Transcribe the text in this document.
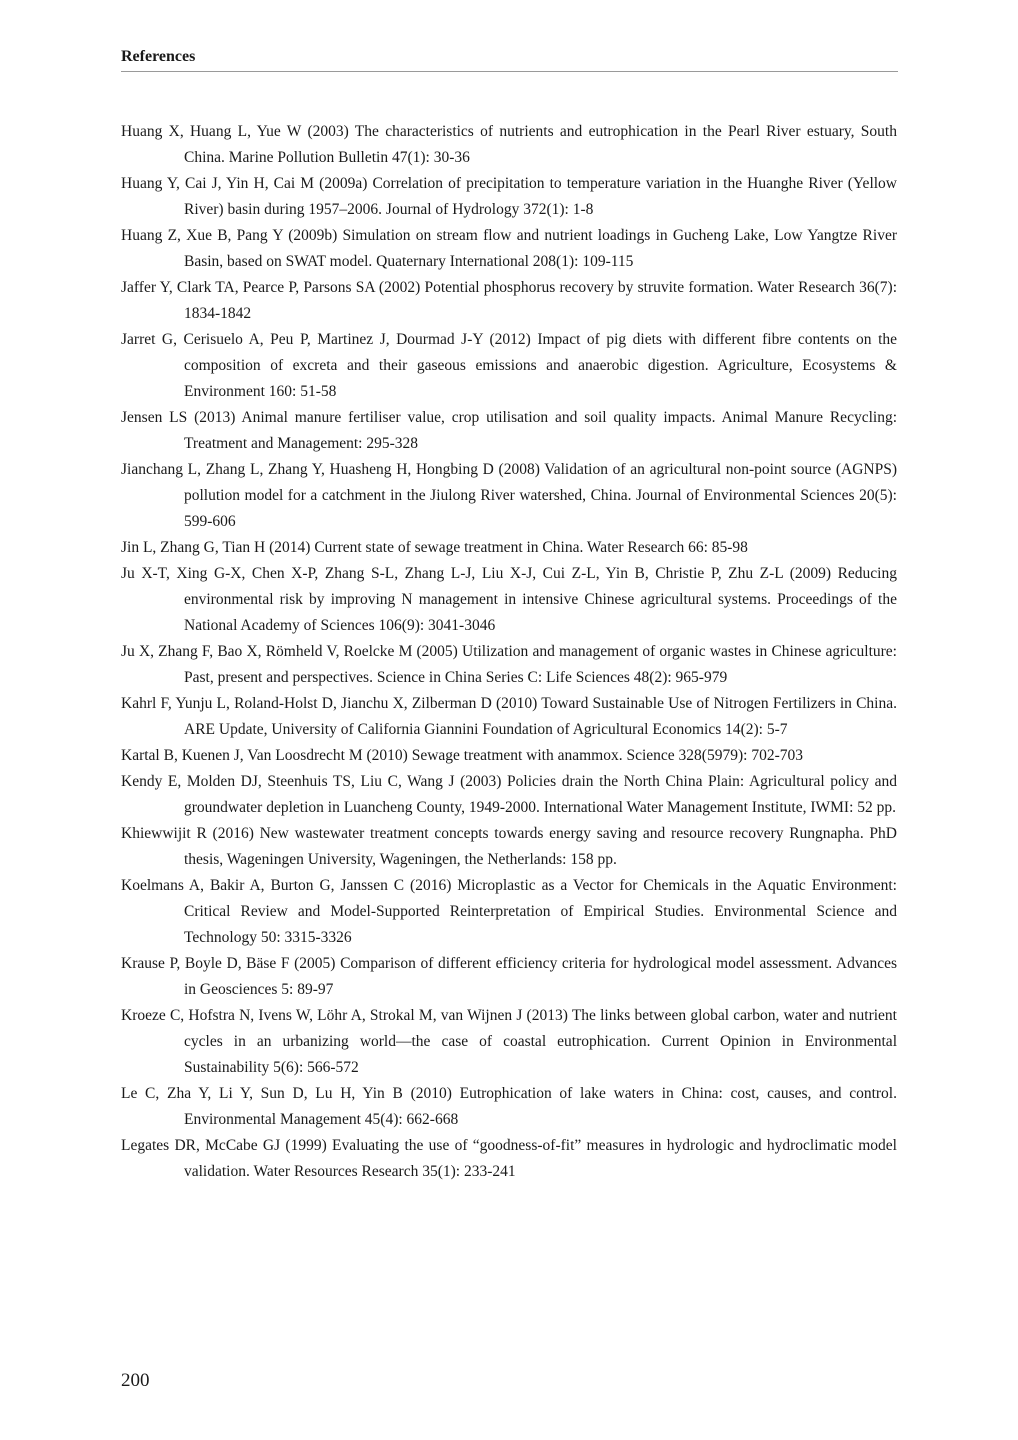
References
Huang X, Huang L, Yue W (2003) The characteristics of nutrients and eutrophication in the Pearl River estuary, South China. Marine Pollution Bulletin 47(1): 30-36
Huang Y, Cai J, Yin H, Cai M (2009a) Correlation of precipitation to temperature variation in the Huanghe River (Yellow River) basin during 1957–2006. Journal of Hydrology 372(1): 1-8
Huang Z, Xue B, Pang Y (2009b) Simulation on stream flow and nutrient loadings in Gucheng Lake, Low Yangtze River Basin, based on SWAT model. Quaternary International 208(1): 109-115
Jaffer Y, Clark TA, Pearce P, Parsons SA (2002) Potential phosphorus recovery by struvite formation. Water Research 36(7): 1834-1842
Jarret G, Cerisuelo A, Peu P, Martinez J, Dourmad J-Y (2012) Impact of pig diets with different fibre contents on the composition of excreta and their gaseous emissions and anaerobic digestion. Agriculture, Ecosystems & Environment 160: 51-58
Jensen LS (2013) Animal manure fertiliser value, crop utilisation and soil quality impacts. Animal Manure Recycling: Treatment and Management: 295-328
Jianchang L, Zhang L, Zhang Y, Huasheng H, Hongbing D (2008) Validation of an agricultural non-point source (AGNPS) pollution model for a catchment in the Jiulong River watershed, China. Journal of Environmental Sciences 20(5): 599-606
Jin L, Zhang G, Tian H (2014) Current state of sewage treatment in China. Water Research 66: 85-98
Ju X-T, Xing G-X, Chen X-P, Zhang S-L, Zhang L-J, Liu X-J, Cui Z-L, Yin B, Christie P, Zhu Z-L (2009) Reducing environmental risk by improving N management in intensive Chinese agricultural systems. Proceedings of the National Academy of Sciences 106(9): 3041-3046
Ju X, Zhang F, Bao X, Römheld V, Roelcke M (2005) Utilization and management of organic wastes in Chinese agriculture: Past, present and perspectives. Science in China Series C: Life Sciences 48(2): 965-979
Kahrl F, Yunju L, Roland-Holst D, Jianchu X, Zilberman D (2010) Toward Sustainable Use of Nitrogen Fertilizers in China. ARE Update, University of California Giannini Foundation of Agricultural Economics 14(2): 5-7
Kartal B, Kuenen J, Van Loosdrecht M (2010) Sewage treatment with anammox. Science 328(5979): 702-703
Kendy E, Molden DJ, Steenhuis TS, Liu C, Wang J (2003) Policies drain the North China Plain: Agricultural policy and groundwater depletion in Luancheng County, 1949-2000. International Water Management Institute, IWMI: 52 pp.
Khiewwijit R (2016) New wastewater treatment concepts towards energy saving and resource recovery Rungnapha. PhD thesis, Wageningen University, Wageningen, the Netherlands: 158 pp.
Koelmans A, Bakir A, Burton G, Janssen C (2016) Microplastic as a Vector for Chemicals in the Aquatic Environment: Critical Review and Model-Supported Reinterpretation of Empirical Studies. Environmental Science and Technology 50: 3315-3326
Krause P, Boyle D, Bäse F (2005) Comparison of different efficiency criteria for hydrological model assessment. Advances in Geosciences 5: 89-97
Kroeze C, Hofstra N, Ivens W, Löhr A, Strokal M, van Wijnen J (2013) The links between global carbon, water and nutrient cycles in an urbanizing world—the case of coastal eutrophication. Current Opinion in Environmental Sustainability 5(6): 566-572
Le C, Zha Y, Li Y, Sun D, Lu H, Yin B (2010) Eutrophication of lake waters in China: cost, causes, and control. Environmental Management 45(4): 662-668
Legates DR, McCabe GJ (1999) Evaluating the use of “goodness-of-fit” measures in hydrologic and hydroclimatic model validation. Water Resources Research 35(1): 233-241
200
